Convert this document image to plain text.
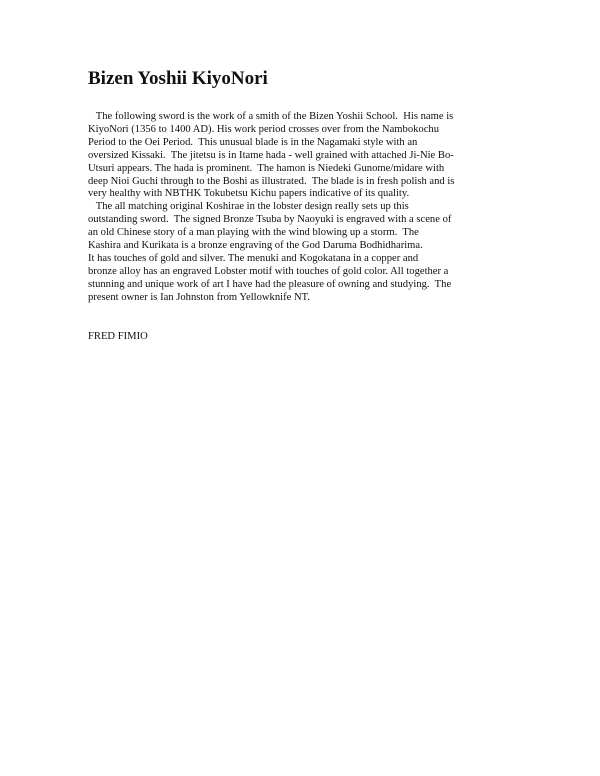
Bizen Yoshii KiyoNori
The following sword is the work of a smith of the Bizen Yoshii School.  His name is
KiyoNori (1356 to 1400 AD). His work period crosses over from the Nambokochu
Period to the Oei Period.  This unusual blade is in the Nagamaki style with an
oversized Kissaki.  The jitetsu is in Itame hada - well grained with attached Ji-Nie Bo-
Utsuri appears. The hada is prominent.  The hamon is Niedeki Gunome/midare with
deep Nioi Guchi through to the Boshi as illustrated.  The blade is in fresh polish and is
very healthy with NBTHK Tokubetsu Kichu papers indicative of its quality.
The all matching original Koshirae in the lobster design really sets up this
outstanding sword.  The signed Bronze Tsuba by Naoyuki is engraved with a scene of
an old Chinese story of a man playing with the wind blowing up a storm.  The
Kashira and Kurikata is a bronze engraving of the God Daruma Bodhidharima.
It has touches of gold and silver. The menuki and Kogokatana in a copper and
bronze alloy has an engraved Lobster motif with touches of gold color. All together a
stunning and unique work of art I have had the pleasure of owning and studying.  The
present owner is Ian Johnston from Yellowknife NT.
FRED FIMIO
